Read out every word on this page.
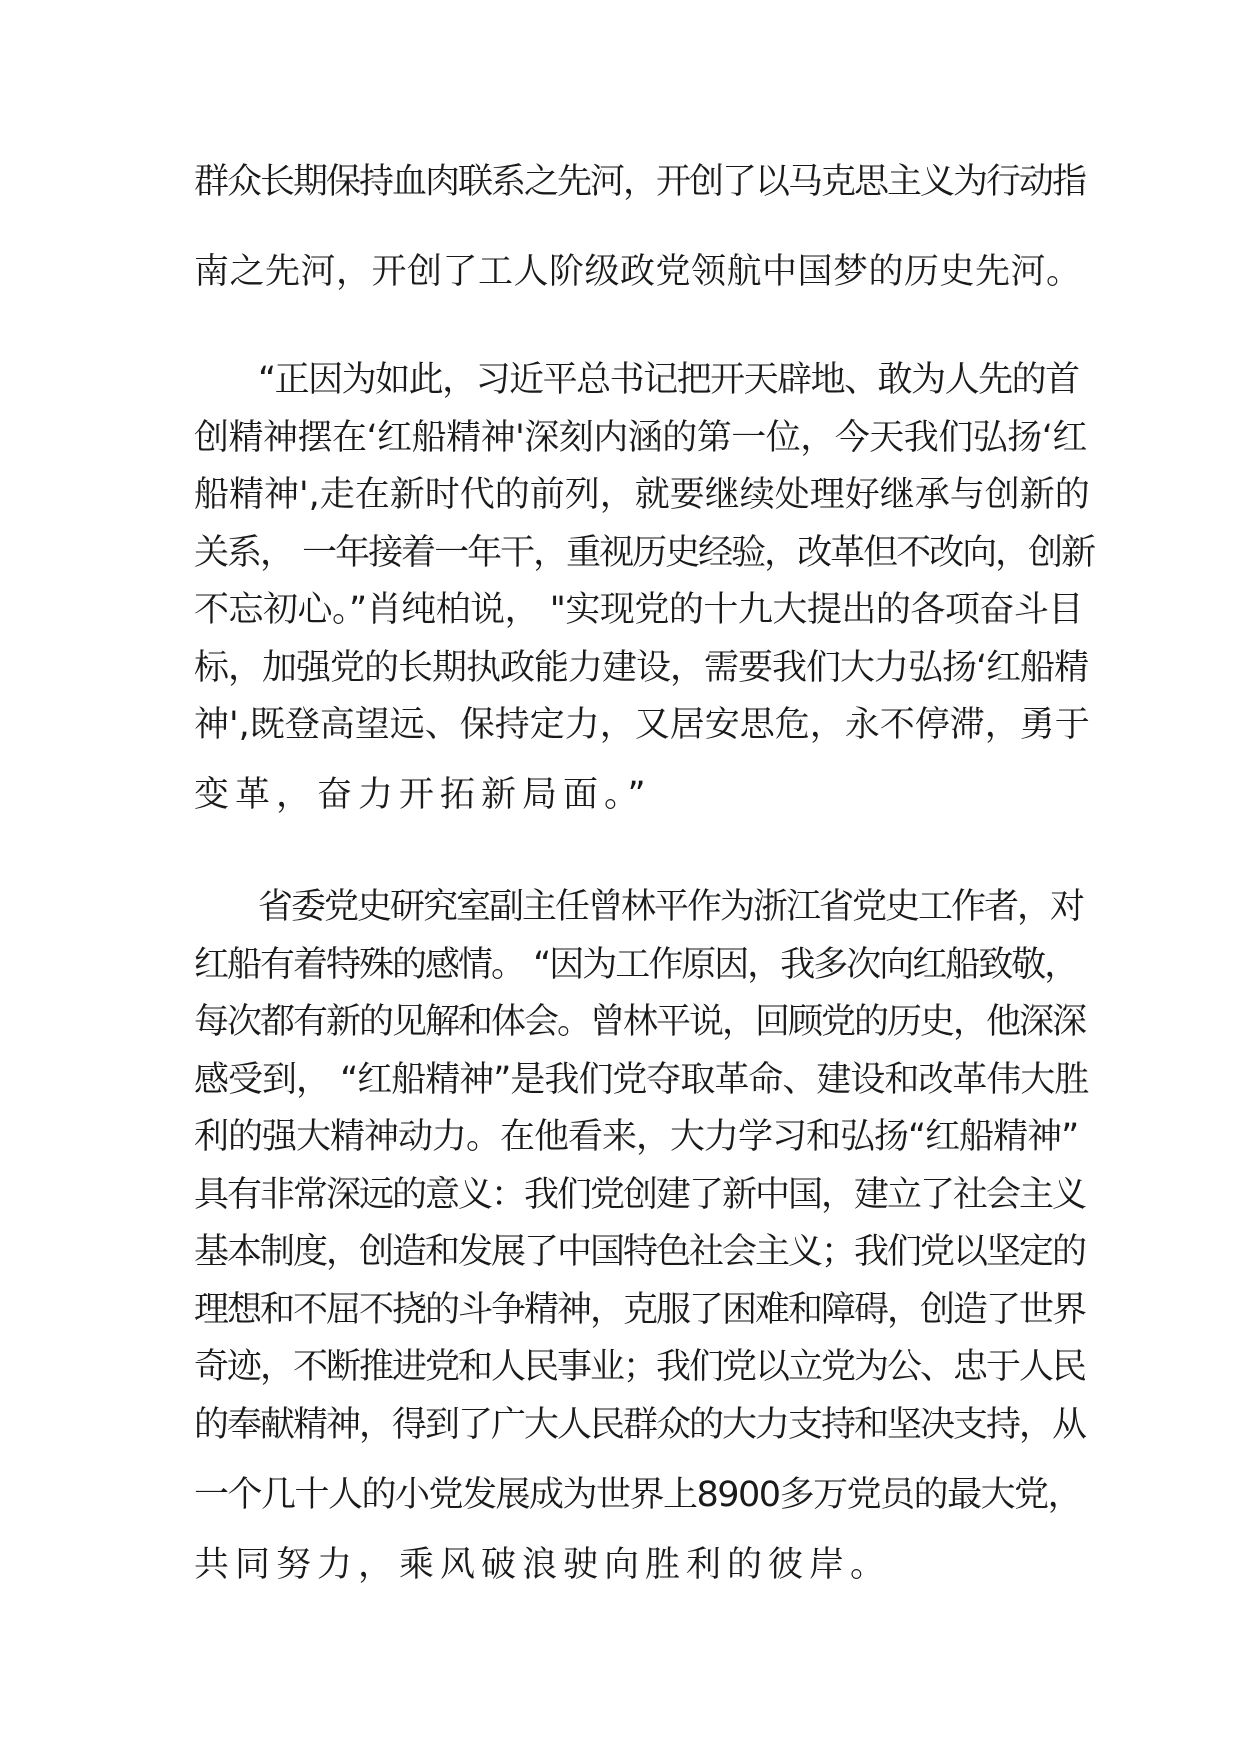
群众长期保持血肉联系之先河，开创了以马克思主义为行动指
南之先河，开创了工人阶级政党领航中国梦的历史先河。
“正因为如此，习近平总书记把开天辟地、敢为人先的首
创精神摆在‘红船精神'深刻内涵的第一位，今天我们弘扬‘红
船精神',走在新时代的前列，就要继续处理好继承与创新的
关系， 一年接着一年干，重视历史经验，改革但不改向，创新
不忘初心。”肖纯柏说， "实现党的十九大提出的各项奋斗目
标，加强党的长期执政能力建设，需要我们大力弘扬‘红船精
神',既登高望远、保持定力，又居安思危，永不停滞，勇于
变革，奋力开拓新局面。”
省委党史研究室副主任曾林平作为浙江省党史工作者，对
红船有着特殊的感情。 “因为工作原因，我多次向红船致敬，
每次都有新的见解和体会。曾林平说，回顾党的历史，他深深
感受到， “红船精神”是我们党夺取革命、建设和改革伟大胜
利的强大精神动力。在他看来，大力学习和弘扬“红船精神”
具有非常深远的意义：我们党创建了新中国，建立了社会主义
基本制度，创造和发展了中国特色社会主义；我们党以坚定的
理想和不屈不挠的斗争精神，克服了困难和障碍，创造了世界
奇迹，不断推进党和人民事业；我们党以立党为公、忠于人民
的奉献精神，得到了广大人民群众的大力支持和坚决支持，从
一个几十人的小党发展成为世界上8900多万党员的最大党，
共同努力，乘风破浪驶向胜利的彼岸。
